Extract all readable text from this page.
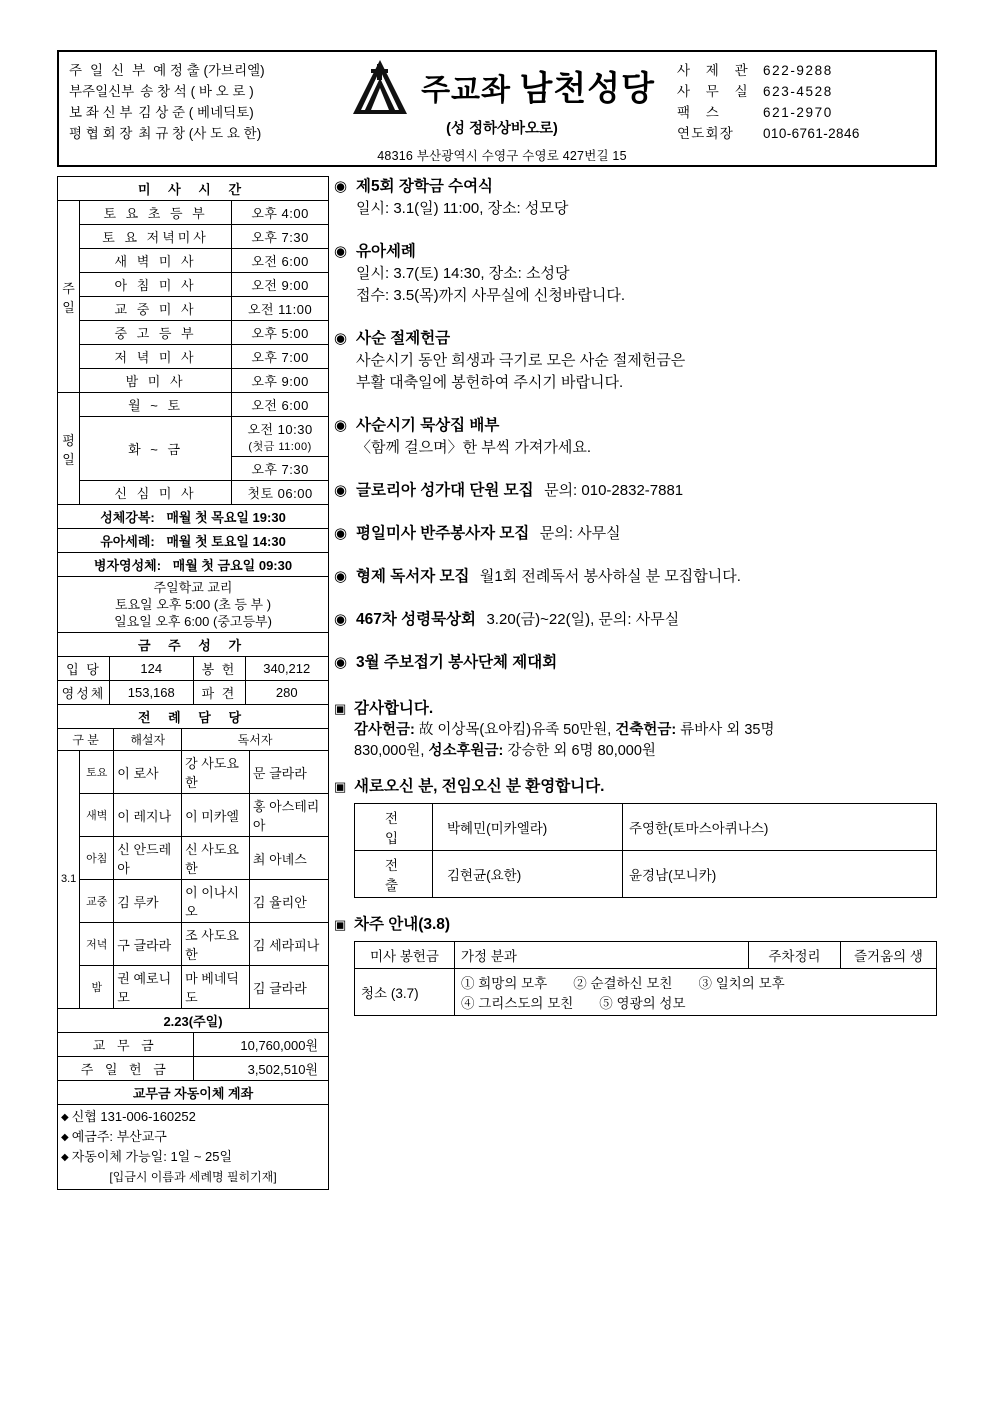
주 일 신 부 예 정 출 (가브리엘)
부주일신부 송 창 석 ( 바 오 로 )
보 좌 신 부 김 상 준 ( 베네딕토)
평 협 회 장 최 규 창 (사 도 요 한)
주교좌 남천성당
(성 정하상바오로)
48316 부산광역시 수영구 수영로 427번길 15
사 제 관 622-9288
사 무 실 623-4528
팩 스	621-2970
연도회장	010-6761-2846
미 사 시 간		
주 일	토 요 초 등 부	오후 4:00
	토 요 저녁미사	오후 7:30
	새 벽 미 사	오전 6:00
	아 침 미 사	오전 9:00
	교 중 미 사	오전 11:00
	중 고 등 부	오후 5:00
	저 녁 미 사	오후 7:00
	밤 미 사	오후 9:00
평 일	월 ~ 토	오전 6:00
	화 ~ 금	오전 10:30
(첫금 11:00)
		오후 7:30
	신 심 미 사	첫토 06:00
성체강복: 매월 첫 목요일 19:30		
유아세례: 매월 첫 토요일 14:30		
병자영성체: 매월 첫 금요일 09:30		

주일학교 교리
토요일 오후 5:00 (초 등 부 )
일요일 오후 6:00 (중고등부)		
금 주 성 가			
입 당	124	봉 헌	340,212
영성체	153,168	파 견	280
전 례 담 당				
구 분		해설자	독서자	

3.1	토요	이 로사	강 사도요한	문 글라라
	새벽	이 레지나	이 미카엘	홍 아스테리아
	아침	신 안드레아	신 사도요한	최 아녜스
	교중	김 루카	이 이나시오	김 율리안
	저녁	구 글라라	조 사도요한	김 세라피나
	밤	권 예로니모	마 베네딕도	김 글라라
2.23(주일)	
교 무 금	10,760,000원
주 일 헌 금	3,502,510원
교무금 자동이체 계좌

◆ 신협 131-006-160252
◆ 예금주: 부산교구
◆ 자동이체 가능일: 1일 ~ 25일
[입금시 이름과 세례명 필히기재]
◉ 제5회 장학금 수여식
일시: 3.1(일) 11:00, 장소: 성모당
◉ 유아세례
일시: 3.7(토) 14:30, 장소: 소성당
접수: 3.5(목)까지 사무실에 신청바랍니다.
◉ 사순 절제헌금
사순시기 동안 희생과 극기로 모은 사순 절제헌금은
부활 대축일에 봉헌하여 주시기 바랍니다.
◉ 사순시기 묵상집 배부
〈함께 걸으며〉한 부씩 가져가세요.
◉ 글로리아 성가대 단원 모집 문의: 010-2832-7881
◉ 평일미사 반주봉사자 모집 문의: 사무실
◉ 형제 독서자 모집 월1회 전례독서 봉사하실 분 모집합니다.
◉ 467차 성령묵상회 3.20(금)~22(일), 문의: 사무실
◉ 3월 주보접기 봉사단체 제대회
▣ 감사합니다.
감사헌금: 故 이상목(요아킴)유족 50만원, 건축헌금: 류바사 외 35명
830,000원, 성소후원금: 강승한 외 6명 80,000원
▣ 새로오신 분, 전임오신 분 환영합니다.
전 입	박혜민(미카엘라)	주영한(토마스아퀴나스)
전 출	김현균(요한)	윤경남(모니카)
▣ 차주 안내(3.8)
미사 봉헌금	가정 분과	주차정리	즐거움의 생
청소 (3.7)	① 희망의 모후 ② 순결하신 모친 ③ 일치의 모후
④ 그리스도의 모친 ⑤ 영광의 성모		
